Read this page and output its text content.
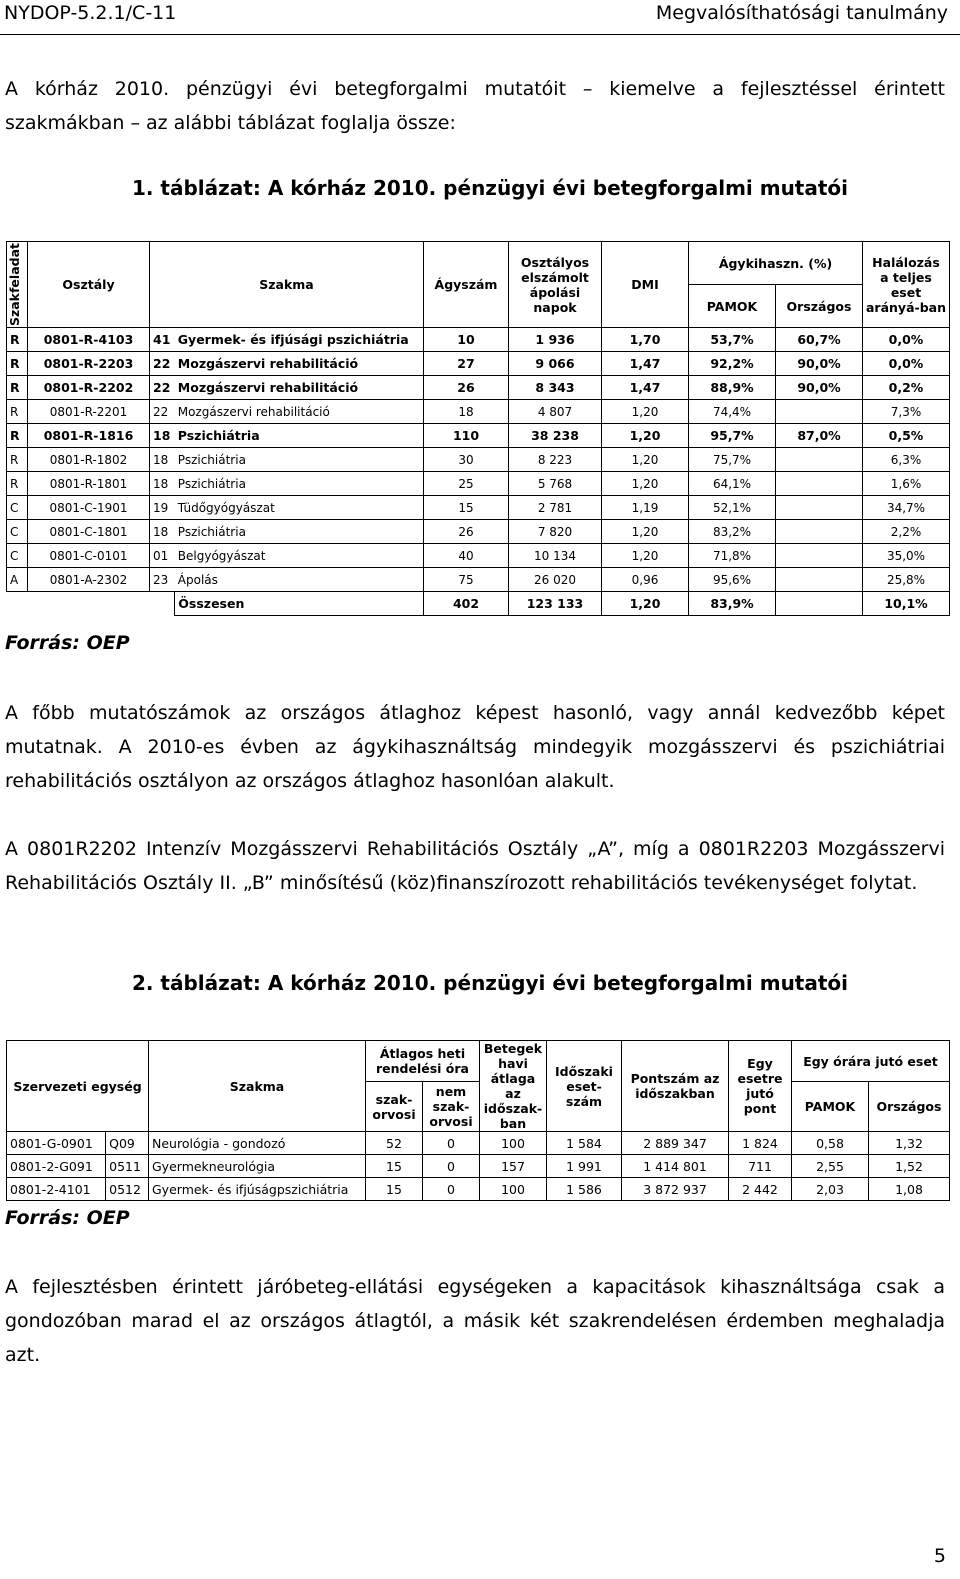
NYDOP-5.2.1/C-11	Megvalósíthatósági tanulmány
A kórház 2010. pénzügyi évi betegforgalmi mutatóit – kiemelve a fejlesztéssel érintett szakmákban – az alábbi táblázat foglalja össze:
1. táblázat: A kórház 2010. pénzügyi évi betegforgalmi mutatói
Szakfeladat	Osztály	Szakma		Ágyszám	Osztályos elszámolt ápolási napok	DMI	Ágykihaszn. (%)		Halálozás a teljes eset arányá-ban
							PAMOK	Országos	
R	0801-R-4103	41	Gyermek- és ifjúsági pszichiátria	10	1 936	1,70	53,7%	60,7%	0,0%
R	0801-R-2203	22	Mozgászervi rehabilitáció	27	9 066	1,47	92,2%	90,0%	0,0%
R	0801-R-2202	22	Mozgászervi rehabilitáció	26	8 343	1,47	88,9%	90,0%	0,2%
R	0801-R-2201	22	Mozgászervi rehabilitáció	18	4 807	1,20	74,4%		7,3%
R	0801-R-1816	18	Pszichiátria	110	38 238	1,20	95,7%	87,0%	0,5%
R	0801-R-1802	18	Pszichiátria	30	8 223	1,20	75,7%		6,3%
R	0801-R-1801	18	Pszichiátria	25	5 768	1,20	64,1%		1,6%
C	0801-C-1901	19	Tüdőgyógyászat	15	2 781	1,19	52,1%		34,7%
C	0801-C-1801	18	Pszichiátria	26	7 820	1,20	83,2%		2,2%
C	0801-C-0101	01	Belgyógyászat	40	10 134	1,20	71,8%		35,0%
A	0801-A-2302	23	Ápolás	75	26 020	0,96	95,6%		25,8%
			Összesen	402	123 133	1,20	83,9%		10,1%
Forrás: OEP
A főbb mutatószámok az országos átlaghoz képest hasonló, vagy annál kedvezőbb képet mutatnak. A 2010-es évben az ágykihasználtság mindegyik mozgásszervi és pszichiátriai rehabilitációs osztályon az országos átlaghoz hasonlóan alakult.
A 0801R2202 Intenzív Mozgásszervi Rehabilitációs Osztály „A”, míg a 0801R2203 Mozgásszervi Rehabilitációs Osztály II. „B” minősítésű (köz)finanszírozott rehabilitációs tevékenységet folytat.
2. táblázat: A kórház 2010. pénzügyi évi betegforgalmi mutatói
Szervezeti egység		Szakma	Átlagos heti rendelési óra		Betegek havi átlaga az időszak-ban	Időszaki eset-szám	Pontszám az időszakban	Egy esetre jutó pont	Egy órára jutó eset	
			szak-orvosi	nem szak-orvosi					PAMOK	Országos
0801-G-0901	Q09	Neurológia - gondozó	52	0	100	1 584	2 889 347	1 824	0,58	1,32
0801-2-G091	0511	Gyermekneurológia	15	0	157	1 991	1 414 801	711	2,55	1,52
0801-2-4101	0512	Gyermek- és ifjúságpszichiátria	15	0	100	1 586	3 872 937	2 442	2,03	1,08
Forrás: OEP
A fejlesztésben érintett járóbeteg-ellátási egységeken a kapacitások kihasználtsága csak a gondozóban marad el az országos átlagtól, a másik két szakrendelésen érdemben meghaladja azt.
5
